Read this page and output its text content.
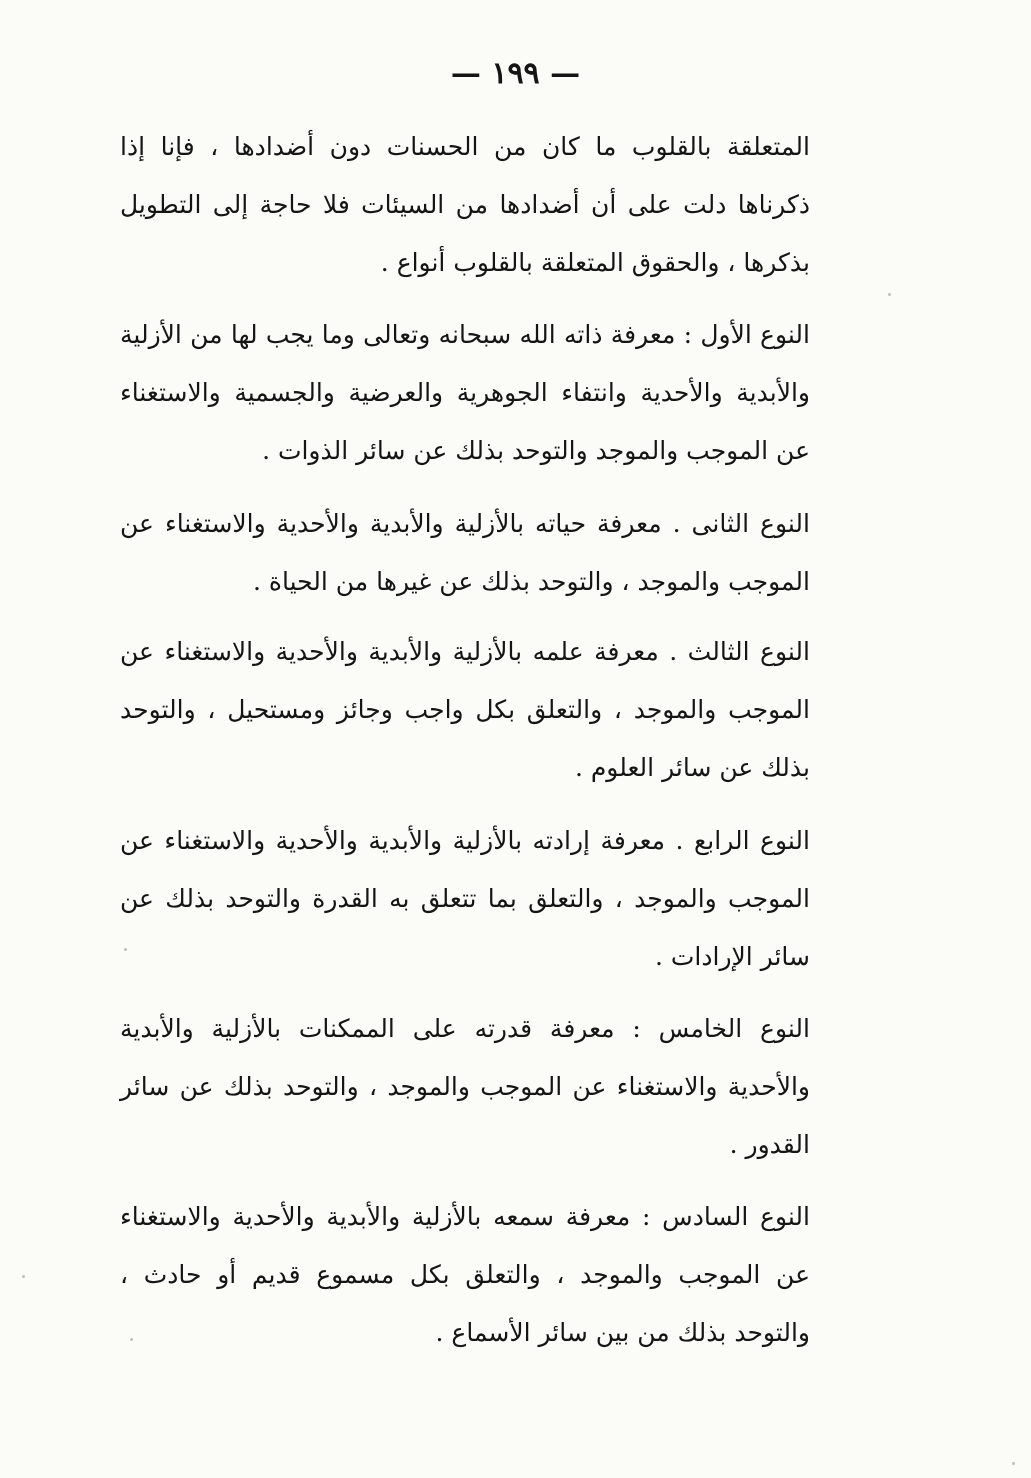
— ١٩٩ —

المتعلقة بالقلوب ما كان من الحسنات دون أضدادها ، فإنا إذا ذكرناها دلت على أن أضدادها من السيئات فلا حاجة إلى التطويل بذكرها ، والحقوق المتعلقة بالقلوب أنواع .

النوع الأول : معرفة ذاته الله سبحانه وتعالى وما يجب لها من الأزلية والأبدية والأحدية وانتفاء الجوهرية والعرضية والجسمية والاستغناء عن الموجب والموجد والتوحد بذلك عن سائر الذوات .

النوع الثانى . معرفة حياته بالأزلية والأبدية والأحدية والاستغناء عن الموجب والموجد ، والتوحد بذلك عن غيرها من الحياة .

النوع الثالث . معرفة علمه بالأزلية والأبدية والأحدية والاستغناء عن الموجب والموجد ، والتعلق بكل واجب وجائز ومستحيل ، والتوحد بذلك عن سائر العلوم .

النوع الرابع . معرفة إرادته بالأزلية والأبدية والأحدية والاستغناء عن الموجب والموجد ، والتعلق بما تتعلق به القدرة والتوحد بذلك عن سائر الإرادات .

النوع الخامس : معرفة قدرته على الممكنات بالأزلية والأبدية والأحدية والاستغناء عن الموجب والموجد ، والتوحد بذلك عن سائر القدور .

النوع السادس : معرفة سمعه بالأزلية والأبدية والأحدية والاستغناء عن الموجب والموجد ، والتعلق بكل مسموع قديم أو حادث ، والتوحد بذلك من بين سائر الأسماع .
